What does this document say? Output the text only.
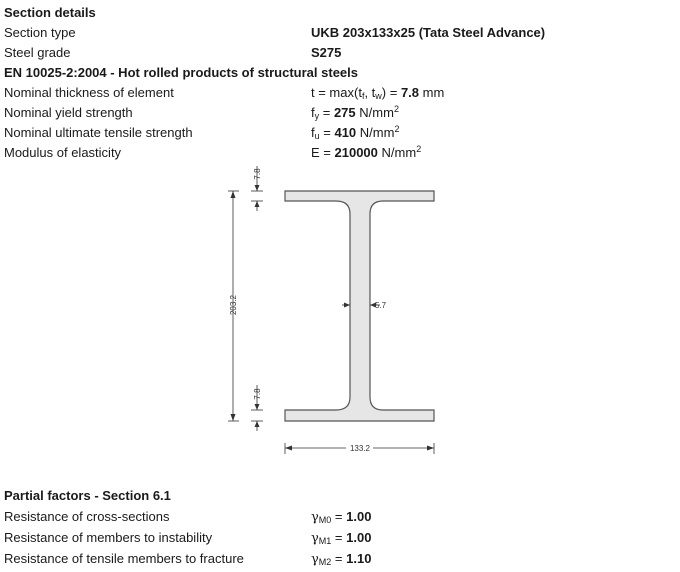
Section details
Section type	UKB 203x133x25 (Tata Steel Advance)
Steel grade	S275
EN 10025-2:2004 - Hot rolled products of structural steels
Nominal thickness of element	$t = \max(t_f$, $t_w) = 7.8$ mm
Nominal yield strength	$f_y = 275$ $N/mm^2$
Nominal ultimate tensile strength	$f_u = 410$ $N/mm^2$
Modulus of elasticity	E = 210000 $N/mm^2$
203.2
7.8
7.8
5.7
133.2
Partial factors - Section 6.1
Resistance of cross-sections	γM0 = 1.00
Resistance of members to instability	γM1 = 1.00
Resistance of tensile members to fracture	γM2 = 1.10
